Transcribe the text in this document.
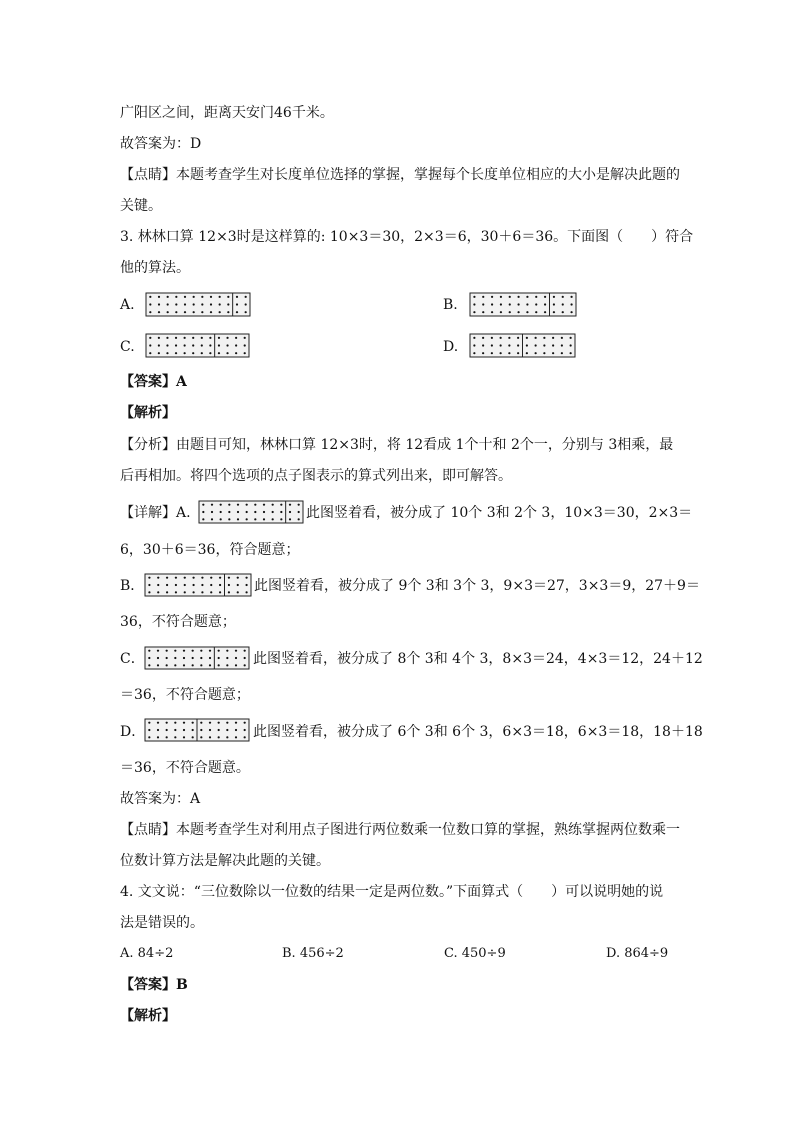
广阳区之间，距离天安门46千米。
故答案为：D
【点睛】本题考查学生对长度单位选择的掌握，掌握每个长度单位相应的大小是解决此题的
关键。
3. 林林口算 12×3时是这样算的: 10×3＝30，2×3＝6，30＋6＝36。下面图（　　）符合
他的算法。
A.	B.
C.	D.
【答案】A
【解析】
【分析】由题目可知，林林口算 12×3时，将 12看成 1个十和 2个一，分别与 3相乘，最
后再相加。将四个选项的点子图表示的算式列出来，即可解答。
【详解】A.	此图竖着看，被分成了 10个 3和 2个 3，10×3＝30，2×3＝
6，30＋6＝36，符合题意；
B．	此图竖着看，被分成了 9个 3和 3个 3，9×3＝27，3×3＝9，27＋9＝
36，不符合题意；
C．	此图竖着看，被分成了 8个 3和 4个 3，8×3＝24，4×3＝12，24＋12
＝36，不符合题意；
D．	此图竖着看，被分成了 6个 3和 6个 3，6×3＝18，6×3＝18，18＋18
＝36，不符合题意。
故答案为：A
【点睛】本题考查学生对利用点子图进行两位数乘一位数口算的掌握，熟练掌握两位数乘一
位数计算方法是解决此题的关键。
4. 文文说：“三位数除以一位数的结果一定是两位数。”下面算式（　　）可以说明她的说
法是错误的。
A. 84÷2	B. 456÷2	C. 450÷9	D. 864÷9
【答案】B
【解析】
